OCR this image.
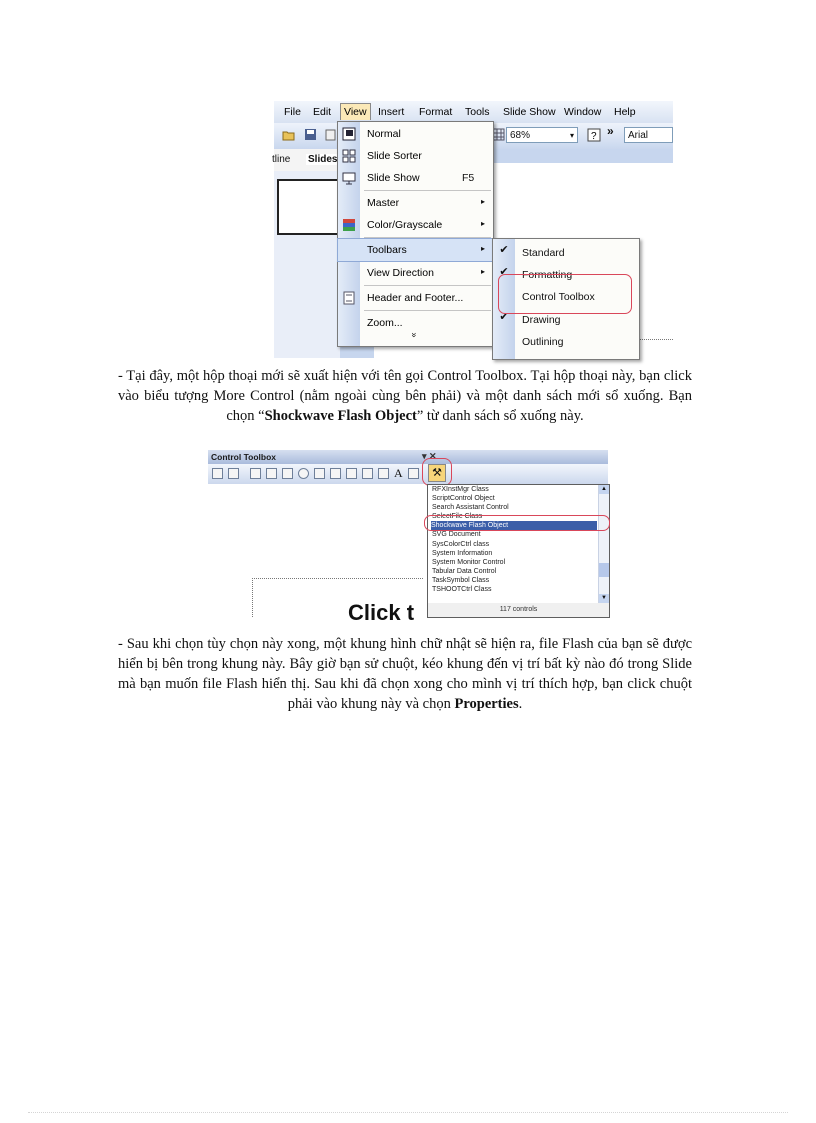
File Edit	View	Insert Format Tools Slide Show Window Help
68%	▾ ? »	Arial
tline Slides
Normal
Slide Sorter
Slide Show	F5
Master	▸
Color/Grayscale	▸
Toolbars	▸
View Direction	▸
Header and Footer...
Zoom...
»
✔ Standard
✔ Formatting
Control Toolbox
✔ Drawing
Outlining

- Tại đây, một hộp thoại mới sẽ xuất hiện với tên gọi Control Toolbox. Tại hộp thoại này, bạn click vào biểu tượng More Control (nằm ngoài cùng bên phải) và một danh sách mới sổ xuống. Bạn chọn “Shockwave Flash Object” từ danh sách sổ xuống này.

Control Toolbox	▾ ✕
A	⚒
Click t
RFXInstMgr Class
ScriptControl Object
Search Assistant Control
SelectFile Class
Shockwave Flash Object
SVG Document
SysColorCtrl class
System Information
System Monitor Control
Tabular Data Control
TaskSymbol Class
TSHOOTCtrl Class
▲
▼
117 controls

- Sau khi chọn tùy chọn này xong, một khung hình chữ nhật sẽ hiện ra, file Flash của bạn sẽ được hiển bị bên trong khung này. Bây giờ bạn sử chuột, kéo khung đến vị trí bất kỳ nào đó trong Slide mà bạn muốn file Flash hiển thị. Sau khi đã chọn xong cho mình vị trí thích hợp, bạn click chuột phải vào khung này và chọn Properties.
